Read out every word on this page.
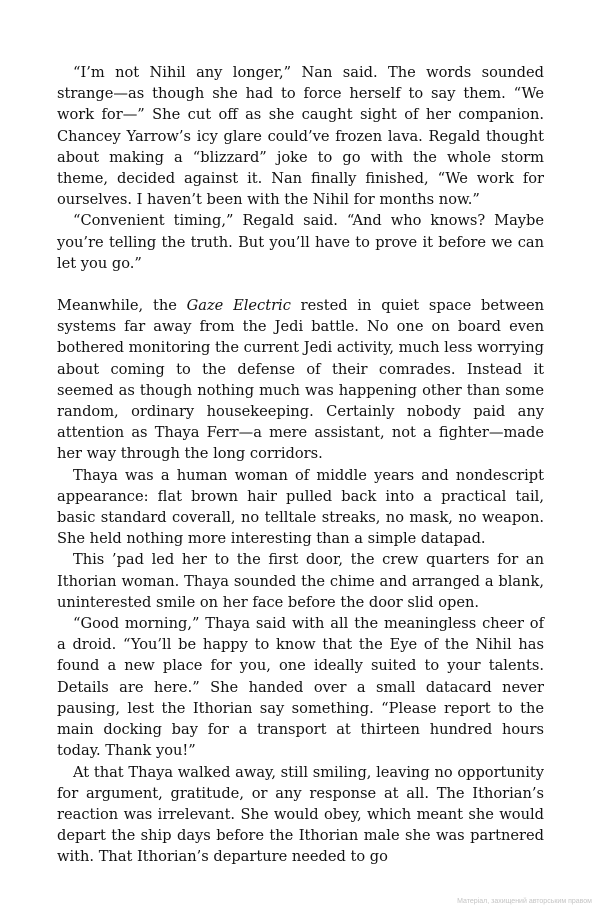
“I’m not Nihil any longer,” Nan said. The words sounded strange—as though she had to force herself to say them. “We work for—” She cut off as she caught sight of her companion. Chancey Yarrow’s icy glare could’ve frozen lava. Regald thought about making a “blizzard” joke to go with the whole storm theme, decided against it. Nan finally finished, “We work for ourselves. I haven’t been with the Nihil for months now.”

“Convenient timing,” Regald said. “And who knows? Maybe you’re telling the truth. But you’ll have to prove it before we can let you go.”

Meanwhile, the Gaze Electric rested in quiet space between systems far away from the Jedi battle. No one on board even bothered monitoring the current Jedi activity, much less worrying about coming to the defense of their comrades. Instead it seemed as though nothing much was happening other than some random, ordinary housekeeping. Certainly nobody paid any attention as Thaya Ferr—a mere assistant, not a fighter—made her way through the long corridors.

Thaya was a human woman of middle years and nondescript appearance: flat brown hair pulled back into a practical tail, basic standard coverall, no telltale streaks, no mask, no weapon. She held nothing more interesting than a simple datapad.

This ’pad led her to the first door, the crew quarters for an Ithorian woman. Thaya sounded the chime and arranged a blank, uninterested smile on her face before the door slid open.

“Good morning,” Thaya said with all the meaningless cheer of a droid. “You’ll be happy to know that the Eye of the Nihil has found a new place for you, one ideally suited to your talents. Details are here.” She handed over a small datacard never pausing, lest the Ithorian say something. “Please report to the main docking bay for a transport at thirteen hundred hours today. Thank you!”

At that Thaya walked away, still smiling, leaving no opportunity for argument, gratitude, or any response at all. The Ithorian’s reaction was irrelevant. She would obey, which meant she would depart the ship days before the Ithorian male she was partnered with. That Ithorian’s departure needed to go

Матеріал, захищений авторським правом
